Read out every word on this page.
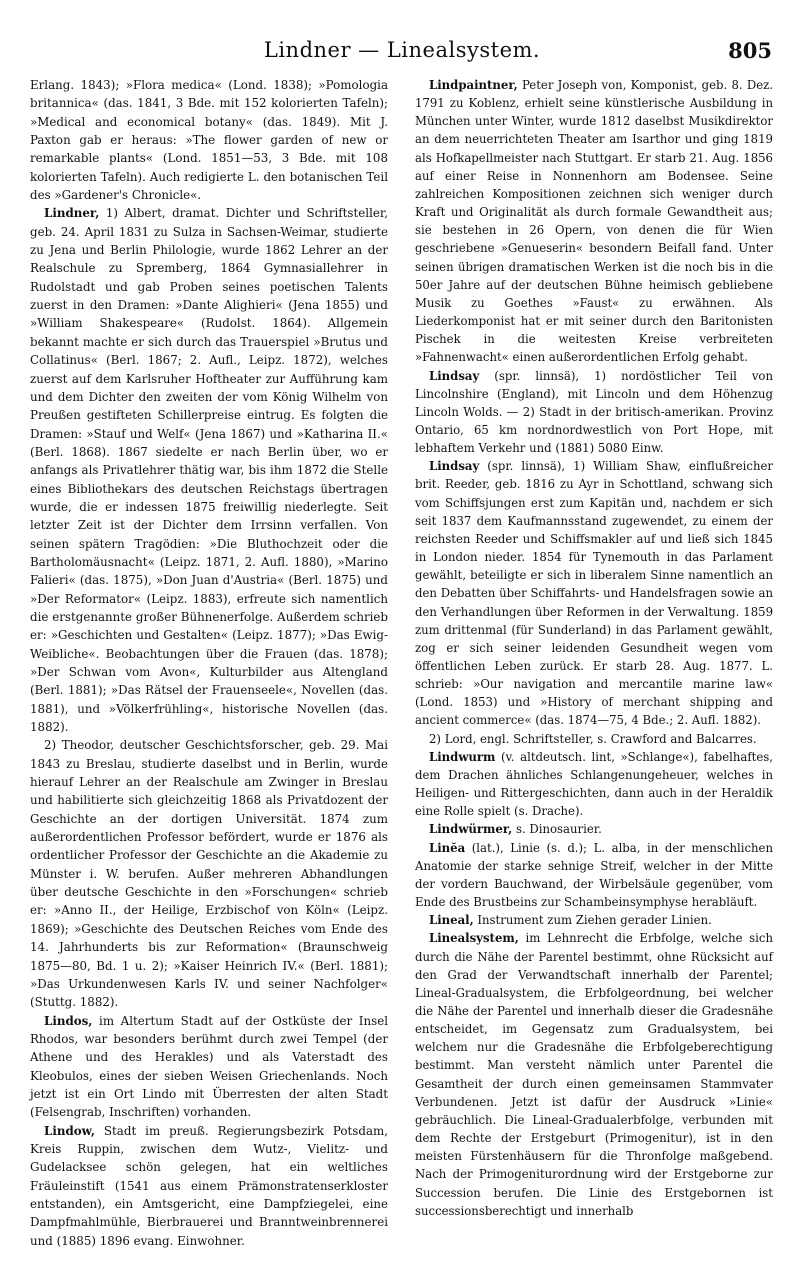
Lindner — Linealsystem.	805

Erlang. 1843); »Flora medica« (Lond. 1838); »Pomologia britannica« (das. 1841, 3 Bde. mit 152 kolorierten Tafeln); »Medical and economical botany« (das. 1849). Mit J. Paxton gab er heraus: »The flower garden of new or remarkable plants« (Lond. 1851—53, 3 Bde. mit 108 kolorierten Tafeln). Auch redigierte L. den botanischen Teil des »Gardener's Chronicle«.

Lindner, 1) Albert, dramat. Dichter und Schriftsteller, geb. 24. April 1831 zu Sulza in Sachsen-Weimar, studierte zu Jena und Berlin Philologie, wurde 1862 Lehrer an der Realschule zu Spremberg, 1864 Gymnasiallehrer in Rudolstadt und gab Proben seines poetischen Talents zuerst in den Dramen: »Dante Alighieri« (Jena 1855) und »William Shakespeare« (Rudolst. 1864). Allgemein bekannt machte er sich durch das Trauerspiel »Brutus und Collatinus« (Berl. 1867; 2. Aufl., Leipz. 1872), welches zuerst auf dem Karlsruher Hoftheater zur Aufführung kam und dem Dichter den zweiten der vom König Wilhelm von Preußen gestifteten Schillerpreise eintrug. Es folgten die Dramen: »Stauf und Welf« (Jena 1867) und »Katharina II.« (Berl. 1868). 1867 siedelte er nach Berlin über, wo er anfangs als Privatlehrer thätig war, bis ihm 1872 die Stelle eines Bibliothekars des deutschen Reichstags übertragen wurde, die er indessen 1875 freiwillig niederlegte. Seit letzter Zeit ist der Dichter dem Irrsinn verfallen. Von seinen spätern Tragödien: »Die Bluthochzeit oder die Bartholomäusnacht« (Leipz. 1871, 2. Aufl. 1880), »Marino Falieri« (das. 1875), »Don Juan d'Austria« (Berl. 1875) und »Der Reformator« (Leipz. 1883), erfreute sich namentlich die erstgenannte großer Bühnenerfolge. Außerdem schrieb er: »Geschichten und Gestalten« (Leipz. 1877); »Das Ewig-Weibliche«. Beobachtungen über die Frauen (das. 1878); »Der Schwan vom Avon«, Kulturbilder aus Altengland (Berl. 1881); »Das Rätsel der Frauenseele«, Novellen (das. 1881), und »Völkerfrühling«, historische Novellen (das. 1882).

2) Theodor, deutscher Geschichtsforscher, geb. 29. Mai 1843 zu Breslau, studierte daselbst und in Berlin, wurde hierauf Lehrer an der Realschule am Zwinger in Breslau und habilitierte sich gleichzeitig 1868 als Privatdozent der Geschichte an der dortigen Universität. 1874 zum außerordentlichen Professor befördert, wurde er 1876 als ordentlicher Professor der Geschichte an die Akademie zu Münster i. W. berufen. Außer mehreren Abhandlungen über deutsche Geschichte in den »Forschungen« schrieb er: »Anno II., der Heilige, Erzbischof von Köln« (Leipz. 1869); »Geschichte des Deutschen Reiches vom Ende des 14. Jahrhunderts bis zur Reformation« (Braunschweig 1875—80, Bd. 1 u. 2); »Kaiser Heinrich IV.« (Berl. 1881); »Das Urkundenwesen Karls IV. und seiner Nachfolger« (Stuttg. 1882).

Lindos, im Altertum Stadt auf der Ostküste der Insel Rhodos, war besonders berühmt durch zwei Tempel (der Athene und des Herakles) und als Vaterstadt des Kleobulos, eines der sieben Weisen Griechenlands. Noch jetzt ist ein Ort Lindo mit Überresten der alten Stadt (Felsengrab, Inschriften) vorhanden.

Lindow, Stadt im preuß. Regierungsbezirk Potsdam, Kreis Ruppin, zwischen dem Wutz-, Vielitz- und Gudelacksee schön gelegen, hat ein weltliches Fräuleinstift (1541 aus einem Prämonstratenserkloster entstanden), ein Amtsgericht, eine Dampfziegelei, eine Dampfmahlmühle, Bierbrauerei und Branntweinbrennerei und (1885) 1896 evang. Einwohner.

Lindpaintner, Peter Joseph von, Komponist, geb. 8. Dez. 1791 zu Koblenz, erhielt seine künstlerische Ausbildung in München unter Winter, wurde 1812 daselbst Musikdirektor an dem neuerrichteten Theater am Isarthor und ging 1819 als Hofkapellmeister nach Stuttgart. Er starb 21. Aug. 1856 auf einer Reise in Nonnenhorn am Bodensee. Seine zahlreichen Kompositionen zeichnen sich weniger durch Kraft und Originalität als durch formale Gewandtheit aus; sie bestehen in 26 Opern, von denen die für Wien geschriebene »Genueserin« besondern Beifall fand. Unter seinen übrigen dramatischen Werken ist die noch bis in die 50er Jahre auf der deutschen Bühne heimisch gebliebene Musik zu Goethes »Faust« zu erwähnen. Als Liederkomponist hat er mit seiner durch den Baritonisten Pischek in die weitesten Kreise verbreiteten »Fahnenwacht« einen außerordentlichen Erfolg gehabt.

Lindsay (spr. linnsä), 1) nordöstlicher Teil von Lincolnshire (England), mit Lincoln und dem Höhenzug Lincoln Wolds. — 2) Stadt in der britisch-amerikan. Provinz Ontario, 65 km nordnordwestlich von Port Hope, mit lebhaftem Verkehr und (1881) 5080 Einw.

Lindsay (spr. linnsä), 1) William Shaw, einflußreicher brit. Reeder, geb. 1816 zu Ayr in Schottland, schwang sich vom Schiffsjungen erst zum Kapitän und, nachdem er sich seit 1837 dem Kaufmannsstand zugewendet, zu einem der reichsten Reeder und Schiffsmakler auf und ließ sich 1845 in London nieder. 1854 für Tynemouth in das Parlament gewählt, beteiligte er sich in liberalem Sinne namentlich an den Debatten über Schiffahrts- und Handelsfragen sowie an den Verhandlungen über Reformen in der Verwaltung. 1859 zum drittenmal (für Sunderland) in das Parlament gewählt, zog er sich seiner leidenden Gesundheit wegen vom öffentlichen Leben zurück. Er starb 28. Aug. 1877. L. schrieb: »Our navigation and mercantile marine law« (Lond. 1853) und »History of merchant shipping and ancient commerce« (das. 1874—75, 4 Bde.; 2. Aufl. 1882).

2) Lord, engl. Schriftsteller, s. Crawford and Balcarres.

Lindwurm (v. altdeutsch. lint, »Schlange«), fabelhaftes, dem Drachen ähnliches Schlangenungeheuer, welches in Heiligen- und Rittergeschichten, dann auch in der Heraldik eine Rolle spielt (s. Drache).

Lindwürmer, s. Dinosaurier.

Linĕa (lat.), Linie (s. d.); L. alba, in der menschlichen Anatomie der starke sehnige Streif, welcher in der Mitte der vordern Bauchwand, der Wirbelsäule gegenüber, vom Ende des Brustbeins zur Schambeinsymphyse herabläuft.

Lineal, Instrument zum Ziehen gerader Linien.

Linealsystem, im Lehnrecht die Erbfolge, welche sich durch die Nähe der Parentel bestimmt, ohne Rücksicht auf den Grad der Verwandtschaft innerhalb der Parentel; Lineal-Gradualsystem, die Erbfolgeordnung, bei welcher die Nähe der Parentel und innerhalb dieser die Gradesnähe entscheidet, im Gegensatz zum Gradualsystem, bei welchem nur die Gradesnähe die Erbfolgeberechtigung bestimmt. Man versteht nämlich unter Parentel die Gesamtheit der durch einen gemeinsamen Stammvater Verbundenen. Jetzt ist dafür der Ausdruck »Linie« gebräuchlich. Die Lineal-Gradualerbfolge, verbunden mit dem Rechte der Erstgeburt (Primogenitur), ist in den meisten Fürstenhäusern für die Thronfolge maßgebend. Nach der Primogeniturordnung wird der Erstgeborne zur Succession berufen. Die Linie des Erstgebornen ist successionsberechtigt und innerhalb
